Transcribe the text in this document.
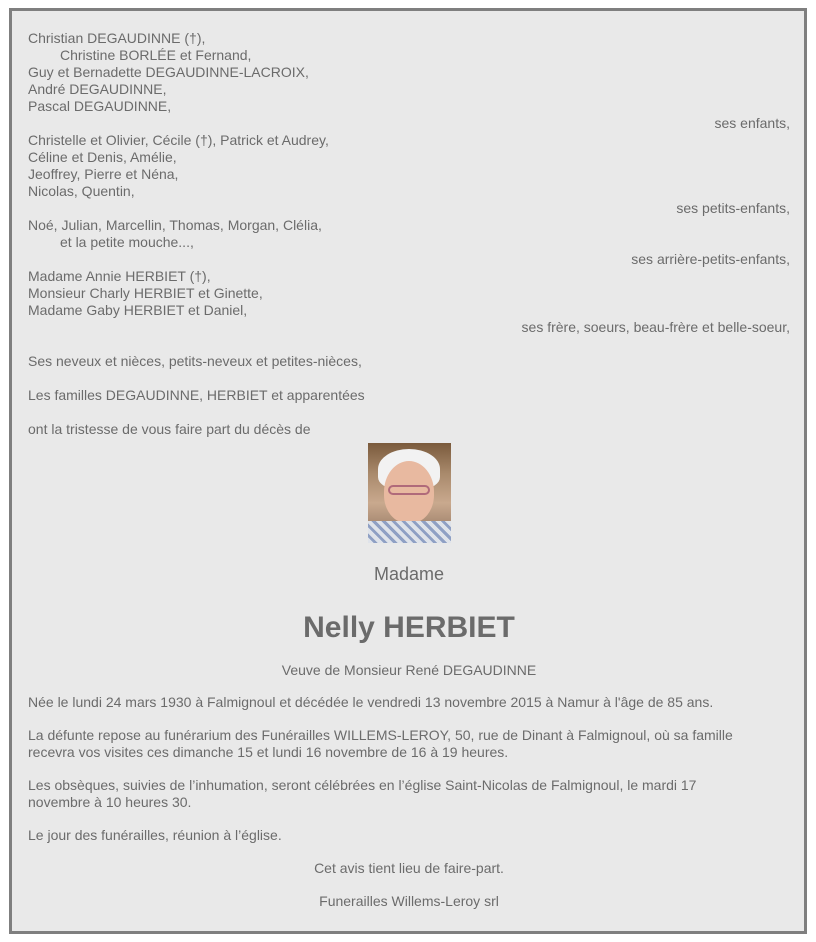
Christian DEGAUDINNE (†),
Christine BORLÉE et Fernand,
Guy et Bernadette DEGAUDINNE-LACROIX,
André DEGAUDINNE,
Pascal DEGAUDINNE,
ses enfants,
Christelle et Olivier, Cécile (†), Patrick et Audrey,
Céline et Denis, Amélie,
Jeoffrey, Pierre et Néna,
Nicolas, Quentin,
ses petits-enfants,
Noé, Julian, Marcellin, Thomas, Morgan, Clélia,
et la petite mouche...,
ses arrière-petits-enfants,
Madame Annie HERBIET (†),
Monsieur Charly HERBIET et Ginette,
Madame Gaby HERBIET et Daniel,
ses frère, soeurs, beau-frère et belle-soeur,
Ses neveux et nièces, petits-neveux et petites-nièces,
Les familles DEGAUDINNE, HERBIET et apparentées
ont la tristesse de vous faire part du décès de
Madame
Nelly HERBIET
Veuve de Monsieur René DEGAUDINNE
Née le lundi 24 mars 1930 à Falmignoul et décédée le vendredi 13 novembre 2015 à Namur à l'âge de 85 ans.
La défunte repose au funérarium des Funérailles WILLEMS-LEROY, 50, rue de Dinant à Falmignoul, où sa famille
recevra vos visites ces dimanche 15 et lundi 16 novembre de 16 à 19 heures.
Les obsèques, suivies de l’inhumation, seront célébrées en l’église Saint-Nicolas de Falmignoul, le mardi 17
novembre à 10 heures 30.
Le jour des funérailles, réunion à l’église.
Cet avis tient lieu de faire-part.
Funerailles Willems-Leroy srl
